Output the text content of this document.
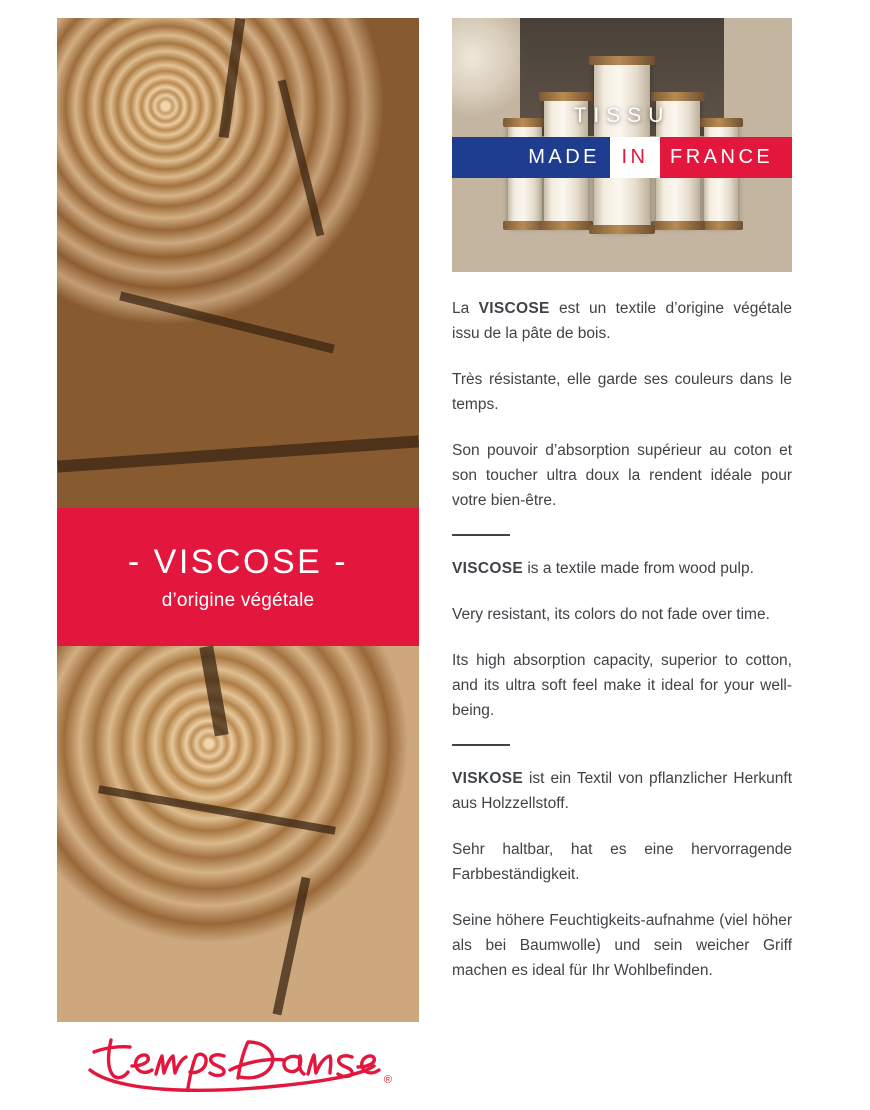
- VISCOSE -
d’origine végétale
®
TISSU
MADE	IN	FRANCE

La VISCOSE est un textile d’origine végétale issu de la pâte de bois.

Très résistante, elle garde ses couleurs dans le temps.

Son pouvoir d’absorption supérieur au coton et son toucher ultra doux la rendent idéale pour votre bien-être.

VISCOSE is a textile made from wood pulp.

Very resistant, its colors do not fade over time.

Its high absorption capacity, superior to cotton, and its ultra soft feel make it ideal for your well-being.

VISKOSE ist ein Textil von pflanzlicher Herkunft aus Holzzellstoff.

Sehr haltbar, hat es eine hervorragende Farbbeständigkeit.

Seine höhere Feuchtigkeits-aufnahme (viel höher als bei Baumwolle) und sein weicher Griff machen es ideal für Ihr Wohlbefinden.
